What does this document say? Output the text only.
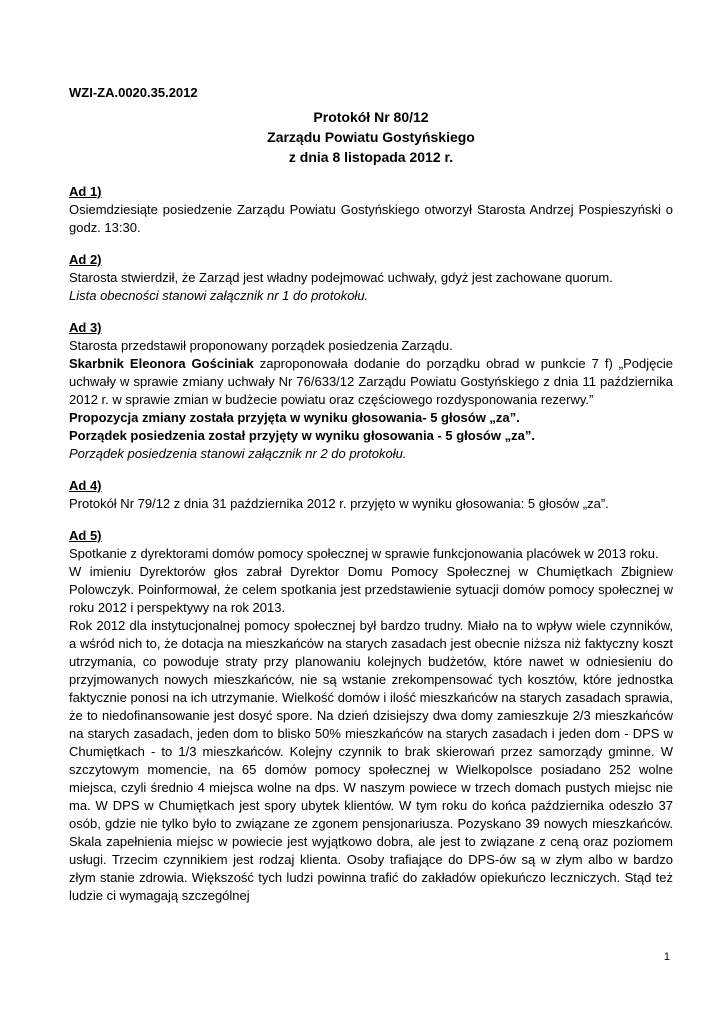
WZI-ZA.0020.35.2012
Protokół Nr 80/12
Zarządu Powiatu Gostyńskiego
z dnia 8 listopada 2012 r.
Ad 1)

Osiemdziesiąte posiedzenie Zarządu Powiatu Gostyńskiego otworzył Starosta Andrzej Pospieszyński o godz. 13:30.

Ad 2)

Starosta stwierdził, że Zarząd jest władny podejmować uchwały, gdyż jest zachowane quorum.

Lista obecności stanowi załącznik nr 1 do protokołu.

Ad 3)

Starosta przedstawił proponowany porządek posiedzenia Zarządu.

Skarbnik Eleonora Gościniak zaproponowała dodanie do porządku obrad w punkcie 7 f) „Podjęcie uchwały w sprawie zmiany uchwały Nr 76/633/12 Zarządu Powiatu Gostyńskiego z dnia 11 października 2012 r. w sprawie zmian w budżecie powiatu oraz częściowego rozdysponowania rezerwy.”

Propozycja zmiany została przyjęta w wyniku głosowania- 5 głosów „za”.

Porządek posiedzenia został przyjęty w wyniku głosowania - 5 głosów „za”.

Porządek posiedzenia stanowi załącznik nr 2 do protokołu.

Ad 4)

Protokół Nr 79/12 z dnia 31 października 2012 r. przyjęto w wyniku głosowania: 5 głosów „za”.

Ad 5)

Spotkanie z dyrektorami domów pomocy społecznej w sprawie funkcjonowania placówek w 2013 roku.

W imieniu Dyrektorów głos zabrał Dyrektor Domu Pomocy Społecznej w Chumiętkach Zbigniew Polowczyk. Poinformował, że celem spotkania jest przedstawienie sytuacji domów pomocy społecznej w roku 2012 i perspektywy na rok 2013.

Rok 2012 dla instytucjonalnej pomocy społecznej był bardzo trudny. Miało na to wpływ wiele czynników, a wśród nich to, że dotacja na mieszkańców na starych zasadach jest obecnie niższa niż faktyczny koszt utrzymania, co powoduje straty przy planowaniu kolejnych budżetów, które nawet w odniesieniu do przyjmowanych nowych mieszkańców, nie są wstanie zrekompensować tych kosztów, które jednostka faktycznie ponosi na ich utrzymanie. Wielkość domów i ilość mieszkańców na starych zasadach sprawia, że to niedofinansowanie jest dosyć spore. Na dzień dzisiejszy dwa domy zamieszkuje 2/3 mieszkańców na starych zasadach, jeden dom to blisko 50% mieszkańców na starych zasadach i jeden dom - DPS w Chumiętkach - to 1/3 mieszkańców. Kolejny czynnik to brak skierowań przez samorządy gminne. W szczytowym momencie, na 65 domów pomocy społecznej w Wielkopolsce posiadano 252 wolne miejsca, czyli średnio 4 miejsca wolne na dps. W naszym powiece w trzech domach pustych miejsc nie ma. W DPS w Chumiętkach jest spory ubytek klientów. W tym roku do końca października odeszło 37 osób, gdzie nie tylko było to związane ze zgonem pensjonariusza. Pozyskano 39 nowych mieszkańców. Skala zapełnienia miejsc w powiecie jest wyjątkowo dobra, ale jest to związane z ceną oraz poziomem usługi. Trzecim czynnikiem jest rodzaj klienta. Osoby trafiające do DPS-ów są w złym albo w bardzo złym stanie zdrowia. Większość tych ludzi powinna trafić do zakładów opiekuńczo leczniczych. Stąd też ludzie ci wymagają szczególnej

1
